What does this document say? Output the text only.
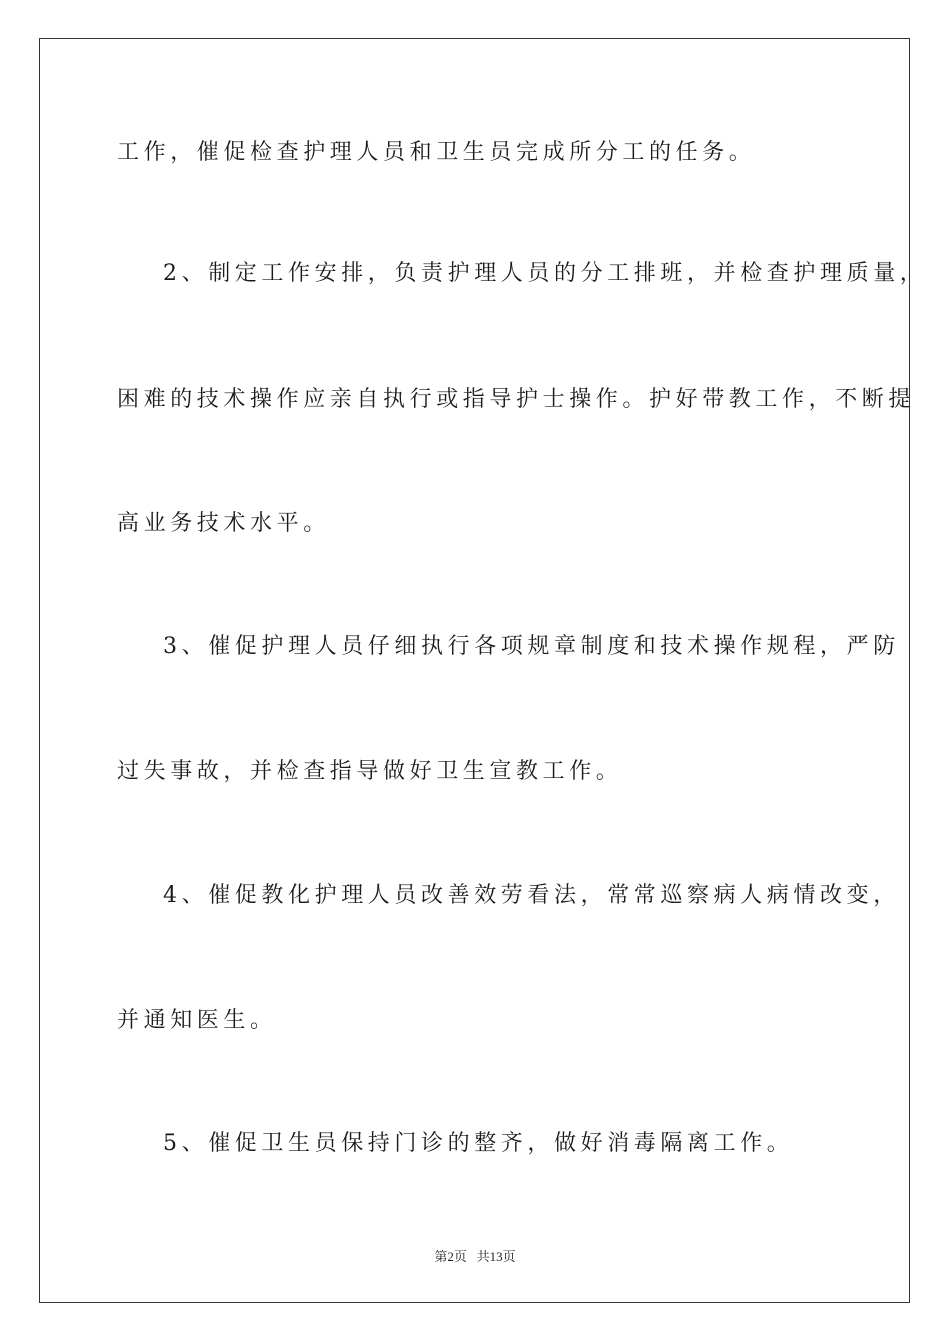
工作，催促检查护理人员和卫生员完成所分工的任务。
2、制定工作安排，负责护理人员的分工排班，并检查护理质量，
困难的技术操作应亲自执行或指导护士操作。护好带教工作，不断提
高业务技术水平。
3、催促护理人员仔细执行各项规章制度和技术操作规程，严防
过失事故，并检查指导做好卫生宣教工作。
4、催促教化护理人员改善效劳看法，常常巡察病人病情改变，
并通知医生。
5、催促卫生员保持门诊的整齐，做好消毒隔离工作。
第2页   共13页
